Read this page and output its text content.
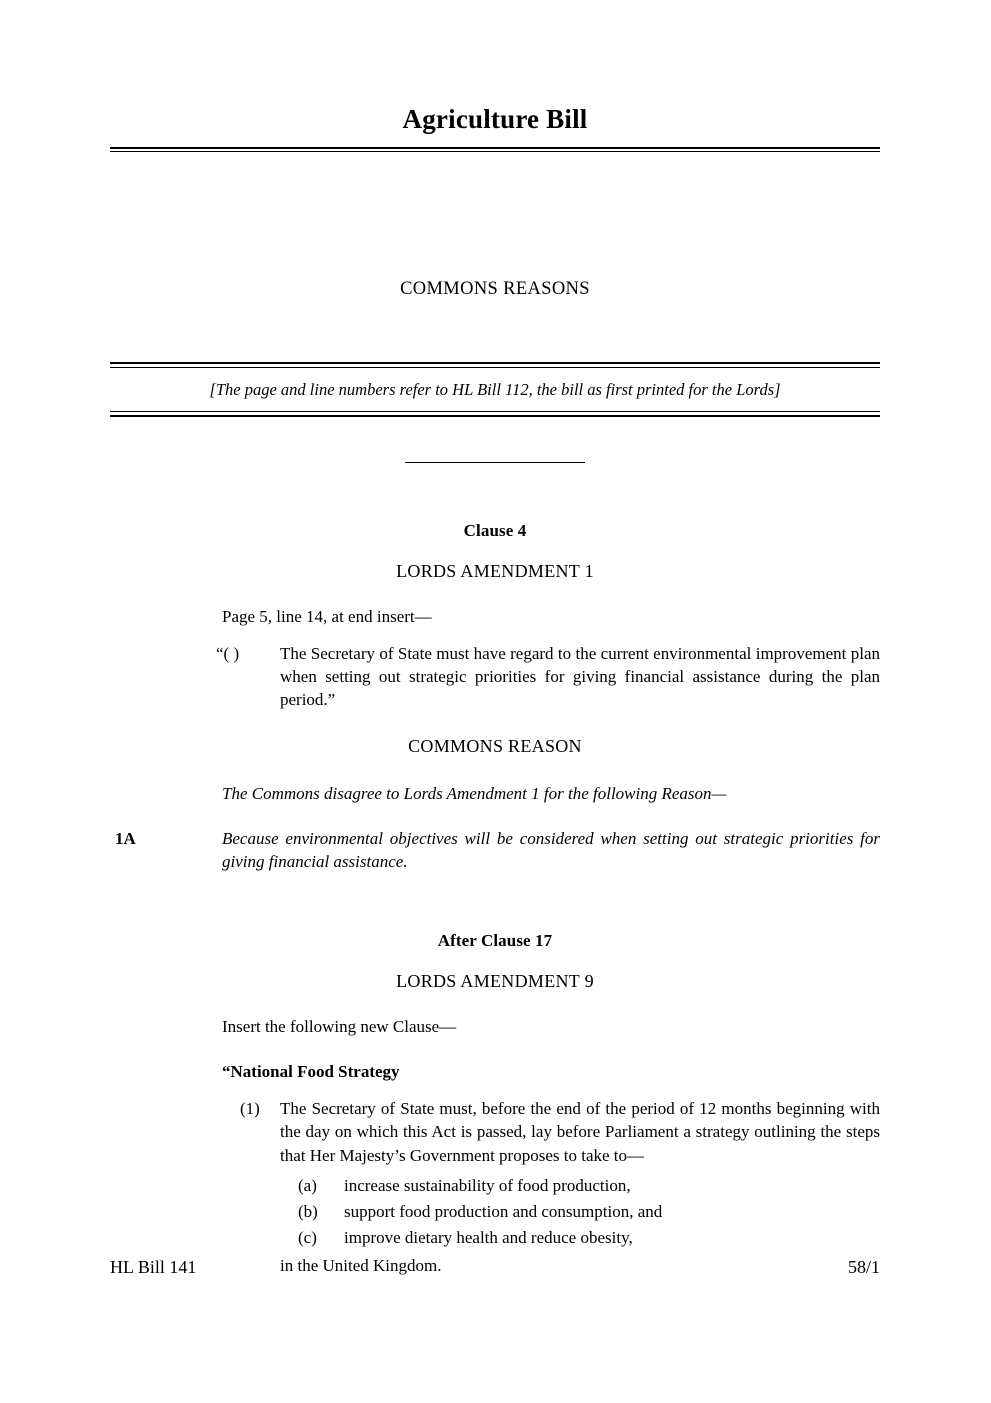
Agriculture Bill
COMMONS REASONS
[The page and line numbers refer to HL Bill 112, the bill as first printed for the Lords]
Clause 4
LORDS AMENDMENT 1

Page 5, line 14, at end insert—

“( )	The Secretary of State must have regard to the current environmental improvement plan when setting out strategic priorities for giving financial assistance during the plan period.”
COMMONS REASON

The Commons disagree to Lords Amendment 1 for the following Reason—

1A	Because environmental objectives will be considered when setting out strategic priorities for giving financial assistance.
After Clause 17
LORDS AMENDMENT 9

Insert the following new Clause—

“National Food Strategy

(1)	The Secretary of State must, before the end of the period of 12 months beginning with the day on which this Act is passed, lay before Parliament a strategy outlining the steps that Her Majesty’s Government proposes to take to—
(a)	increase sustainability of food production,
(b)	support food production and consumption, and
(c)	improve dietary health and reduce obesity,

in the United Kingdom.

HL Bill 141	58/1
